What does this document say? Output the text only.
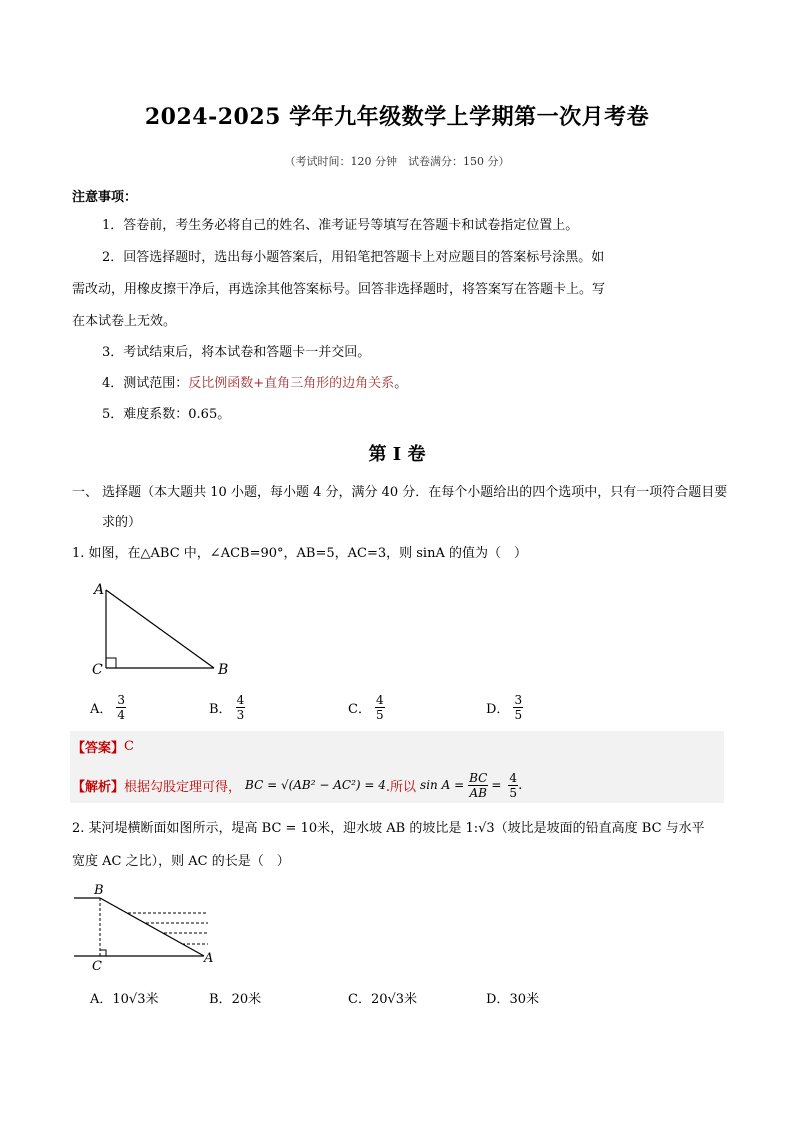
2024-2025 学年九年级数学上学期第一次月考卷
（考试时间：120 分钟　试卷满分：150 分）
注意事项：
1．答卷前，考生务必将自己的姓名、准考证号等填写在答题卡和试卷指定位置上。
2．回答选择题时，选出每小题答案后，用铅笔把答题卡上对应题目的答案标号涂黑。如
需改动，用橡皮擦干净后，再选涂其他答案标号。回答非选择题时，将答案写在答题卡上。写
在本试卷上无效。
3．考试结束后，将本试卷和答题卡一并交回。
4．测试范围：反比例函数+直角三角形的边角关系。
5．难度系数：0.65。
第 Ⅰ 卷
一、 选择题（本大题共 10 小题，每小题 4 分，满分 40 分．在每个小题给出的四个选项中，只有一项符合题目要
求的）
1. 如图，在△ABC 中，∠ACB=90°，AB=5，AC=3，则 sinA 的值为（　）
A
C	B
A． $\frac{3}{4}$	B． $\frac{4}{3}$	C． $\frac{4}{5}$	D． $\frac{3}{5}$
【答案】 C
【解析】 根据勾股定理可得， BC = √(AB² − AC²) = 4 .所以 $\sin A = \frac{BC}{AB} = \frac{4}{5}$ .
2. 某河堤横断面如图所示，堤高 BC = 10米，迎水坡 AB 的坡比是 1:√3（坡比是坡面的铅直高度 BC 与水平
宽度 AC 之比），则 AC 的长是（　）
B
C
A
A． 10√3米	B． 20米	C． 20√3米	D． 30米
